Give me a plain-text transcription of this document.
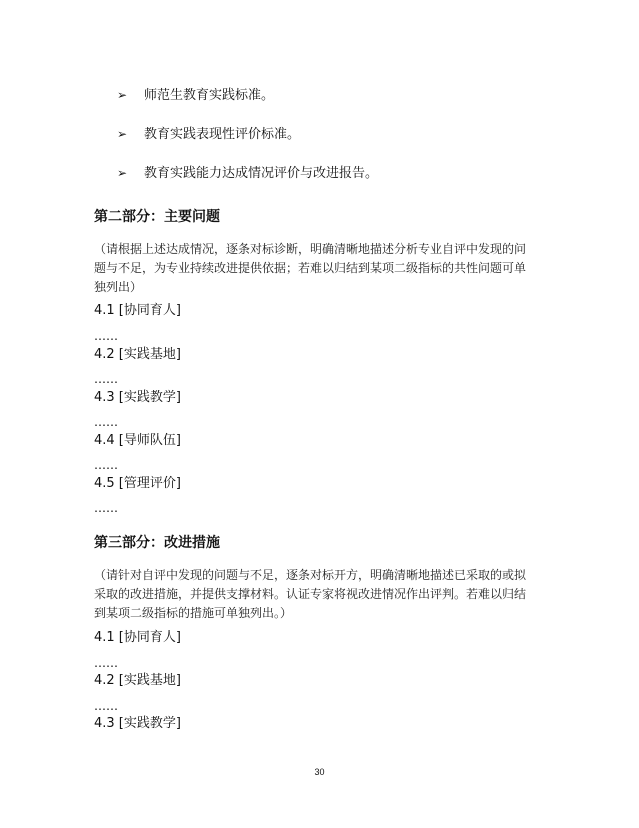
➢ 师范生教育实践标准。
➢ 教育实践表现性评价标准。
➢ 教育实践能力达成情况评价与改进报告。
第二部分：主要问题
（请根据上述达成情况，逐条对标诊断，明确清晰地描述分析专业自评中发现的问
题与不足，为专业持续改进提供依据；若难以归结到某项二级指标的共性问题可单
独列出）
4.1 [协同育人]
……
4.2 [实践基地]
……
4.3 [实践教学]
……
4.4 [导师队伍]
……
4.5 [管理评价]
……
第三部分：改进措施
（请针对自评中发现的问题与不足，逐条对标开方，明确清晰地描述已采取的或拟
采取的改进措施，并提供支撑材料。认证专家将视改进情况作出评判。若难以归结
到某项二级指标的措施可单独列出。）
4.1 [协同育人]
……
4.2 [实践基地]
……
4.3 [实践教学]
30
